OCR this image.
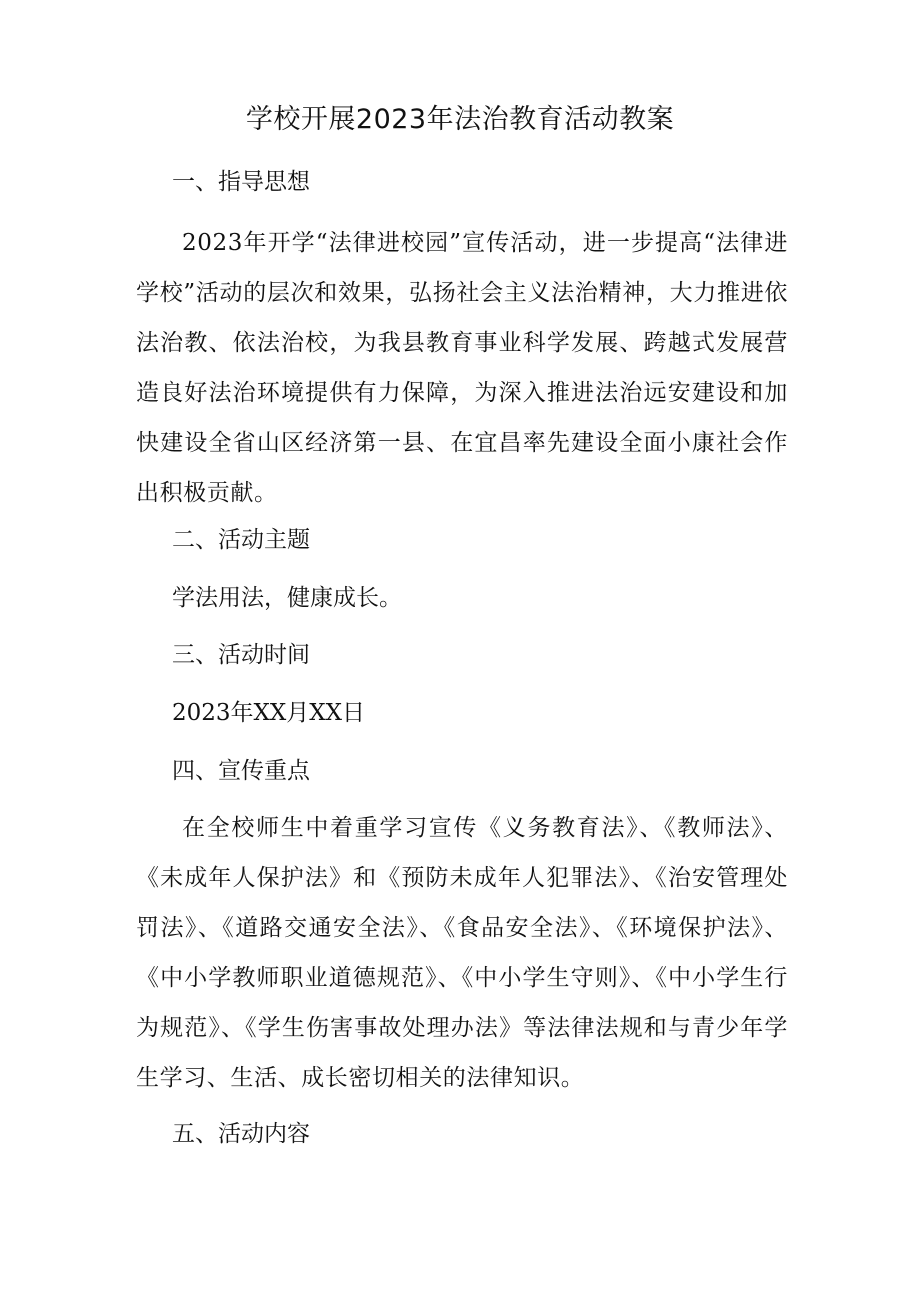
学校开展2023年法治教育活动教案
一、指导思想
2023年开学“法律进校园”宣传活动，进一步提高“法律进学校”活动的层次和效果，弘扬社会主义法治精神，大力推进依法治教、依法治校，为我县教育事业科学发展、跨越式发展营造良好法治环境提供有力保障，为深入推进法治远安建设和加快建设全省山区经济第一县、在宜昌率先建设全面小康社会作出积极贡献。
二、活动主题
学法用法，健康成长。
三、活动时间
2023年XX月XX日
四、宣传重点
在全校师生中着重学习宣传《义务教育法》、《教师法》、《未成年人保护法》和《预防未成年人犯罪法》、《治安管理处罚法》、《道路交通安全法》、《食品安全法》、《环境保护法》、《中小学教师职业道德规范》、《中小学生守则》、《中小学生行为规范》、《学生伤害事故处理办法》等法律法规和与青少年学生学习、生活、成长密切相关的法律知识。
五、活动内容
